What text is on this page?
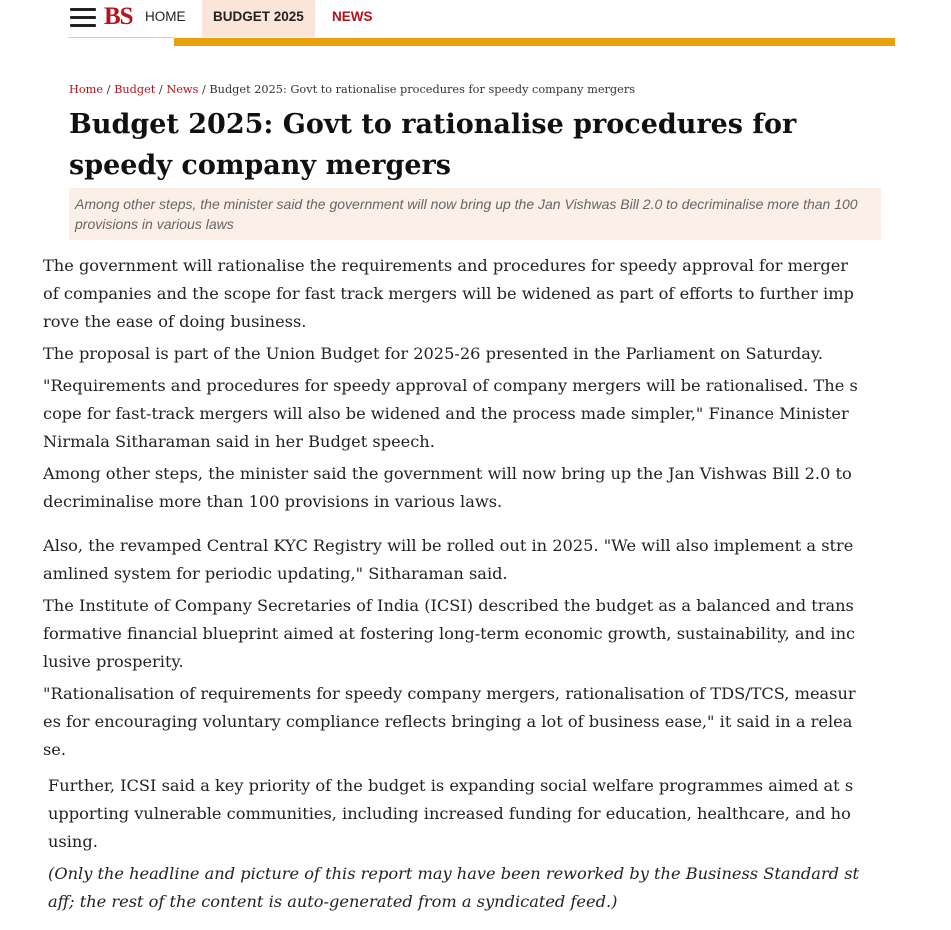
BS HOME	BUDGET 2025	NEWS
Home / Budget / News / Budget 2025: Govt to rationalise procedures for speedy company mergers
Budget 2025: Govt to rationalise procedures for speedy company mergers
Among other steps, the minister said the government will now bring up the Jan Vishwas Bill 2.0 to decriminalise more than 100 provisions in various laws

The government will rationalise the requirements and procedures for speedy approval for merger of companies and the scope for fast track mergers will be widened as part of efforts to further improve the ease of doing business.

The proposal is part of the Union Budget for 2025-26 presented in the Parliament on Saturday.

"Requirements and procedures for speedy approval of company mergers will be rationalised. The scope for fast-track mergers will also be widened and the process made simpler," Finance Minister Nirmala Sitharaman said in her Budget speech.

Among other steps, the minister said the government will now bring up the Jan Vishwas Bill 2.0 to decriminalise more than 100 provisions in various laws.

Also, the revamped Central KYC Registry will be rolled out in 2025. "We will also implement a streamlined system for periodic updating," Sitharaman said.

The Institute of Company Secretaries of India (ICSI) described the budget as a balanced and transformative financial blueprint aimed at fostering long-term economic growth, sustainability, and inclusive prosperity.

"Rationalisation of requirements for speedy company mergers, rationalisation of TDS/TCS, measures for encouraging voluntary compliance reflects bringing a lot of business ease," it said in a release.

Further, ICSI said a key priority of the budget is expanding social welfare programmes aimed at supporting vulnerable communities, including increased funding for education, healthcare, and housing.

(Only the headline and picture of this report may have been reworked by the Business Standard staff; the rest of the content is auto-generated from a syndicated feed.)
